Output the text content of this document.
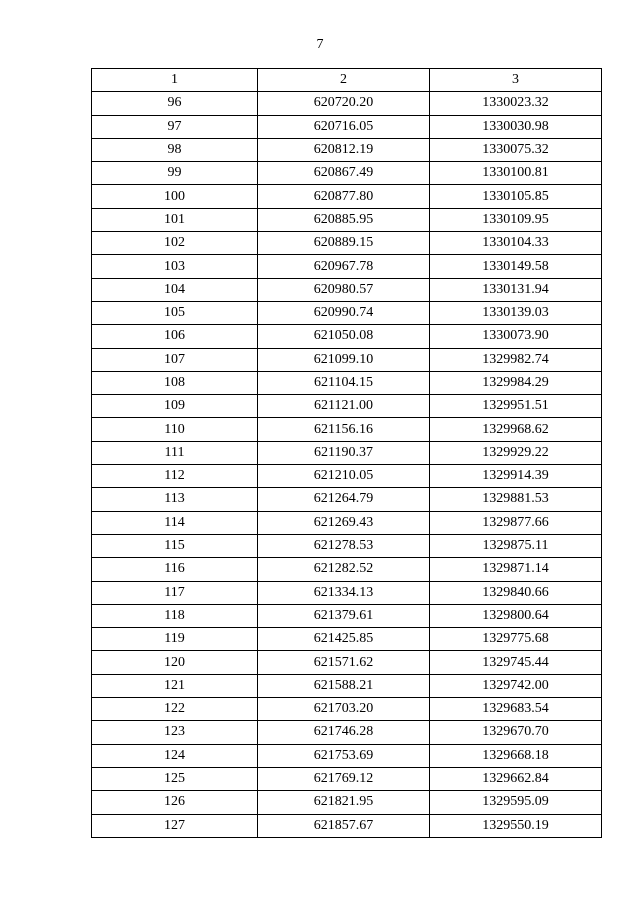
7
1	2	3
96	620720.20	1330023.32
97	620716.05	1330030.98
98	620812.19	1330075.32
99	620867.49	1330100.81
100	620877.80	1330105.85
101	620885.95	1330109.95
102	620889.15	1330104.33
103	620967.78	1330149.58
104	620980.57	1330131.94
105	620990.74	1330139.03
106	621050.08	1330073.90
107	621099.10	1329982.74
108	621104.15	1329984.29
109	621121.00	1329951.51
110	621156.16	1329968.62
111	621190.37	1329929.22
112	621210.05	1329914.39
113	621264.79	1329881.53
114	621269.43	1329877.66
115	621278.53	1329875.11
116	621282.52	1329871.14
117	621334.13	1329840.66
118	621379.61	1329800.64
119	621425.85	1329775.68
120	621571.62	1329745.44
121	621588.21	1329742.00
122	621703.20	1329683.54
123	621746.28	1329670.70
124	621753.69	1329668.18
125	621769.12	1329662.84
126	621821.95	1329595.09
127	621857.67	1329550.19
